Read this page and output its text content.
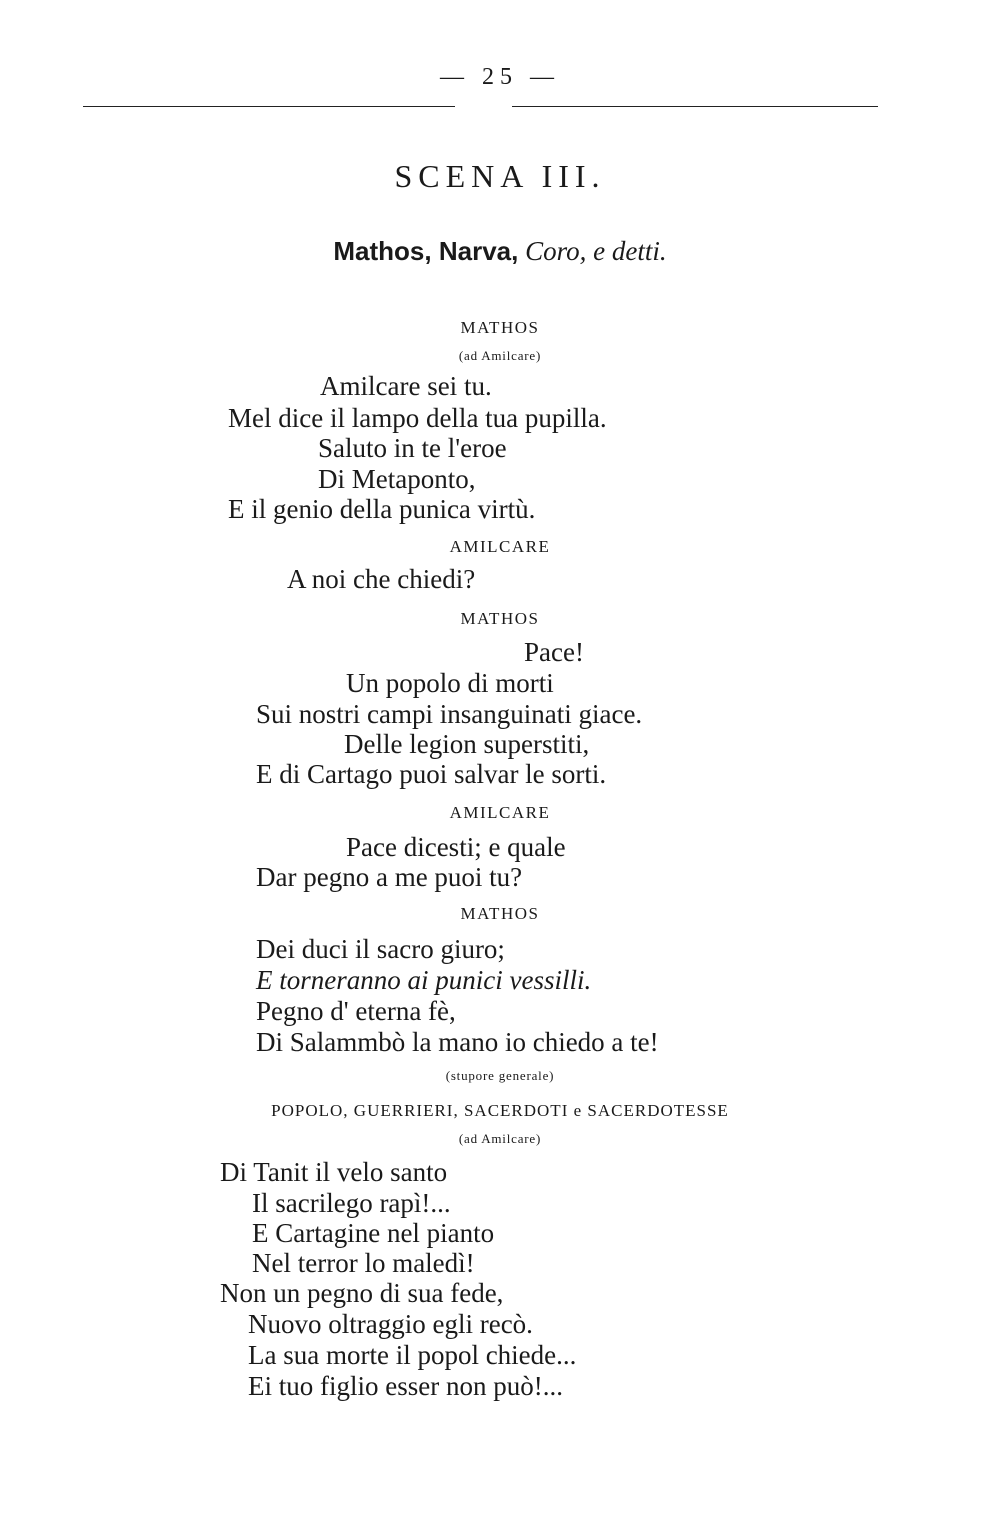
— 25 —
SCENA III.
Mathos, Narva, Coro, e detti.
MATHOS
(ad Amilcare)
Amilcare sei tu.
Mel dice il lampo della tua pupilla.
Saluto in te l'eroe
Di Metaponto,
E il genio della punica virtù.
AMILCARE
A noi che chiedi?
MATHOS
Pace!
Un popolo di morti
Sui nostri campi insanguinati giace.
Delle legion superstiti,
E di Cartago puoi salvar le sorti.
AMILCARE
Pace dicesti; e quale
Dar pegno a me puoi tu?
MATHOS
Dei duci il sacro giuro;
E torneranno ai punici vessilli.
Pegno d' eterna fè,
Di Salammbò la mano io chiedo a te!
(stupore generale)
POPOLO, GUERRIERI, SACERDOTI e SACERDOTESSE
(ad Amilcare)
Di Tanit il velo santo
Il sacrilego rapì!...
E Cartagine nel pianto
Nel terror lo maledì!
Non un pegno di sua fede,
Nuovo oltraggio egli recò.
La sua morte il popol chiede...
Ei tuo figlio esser non può!...
